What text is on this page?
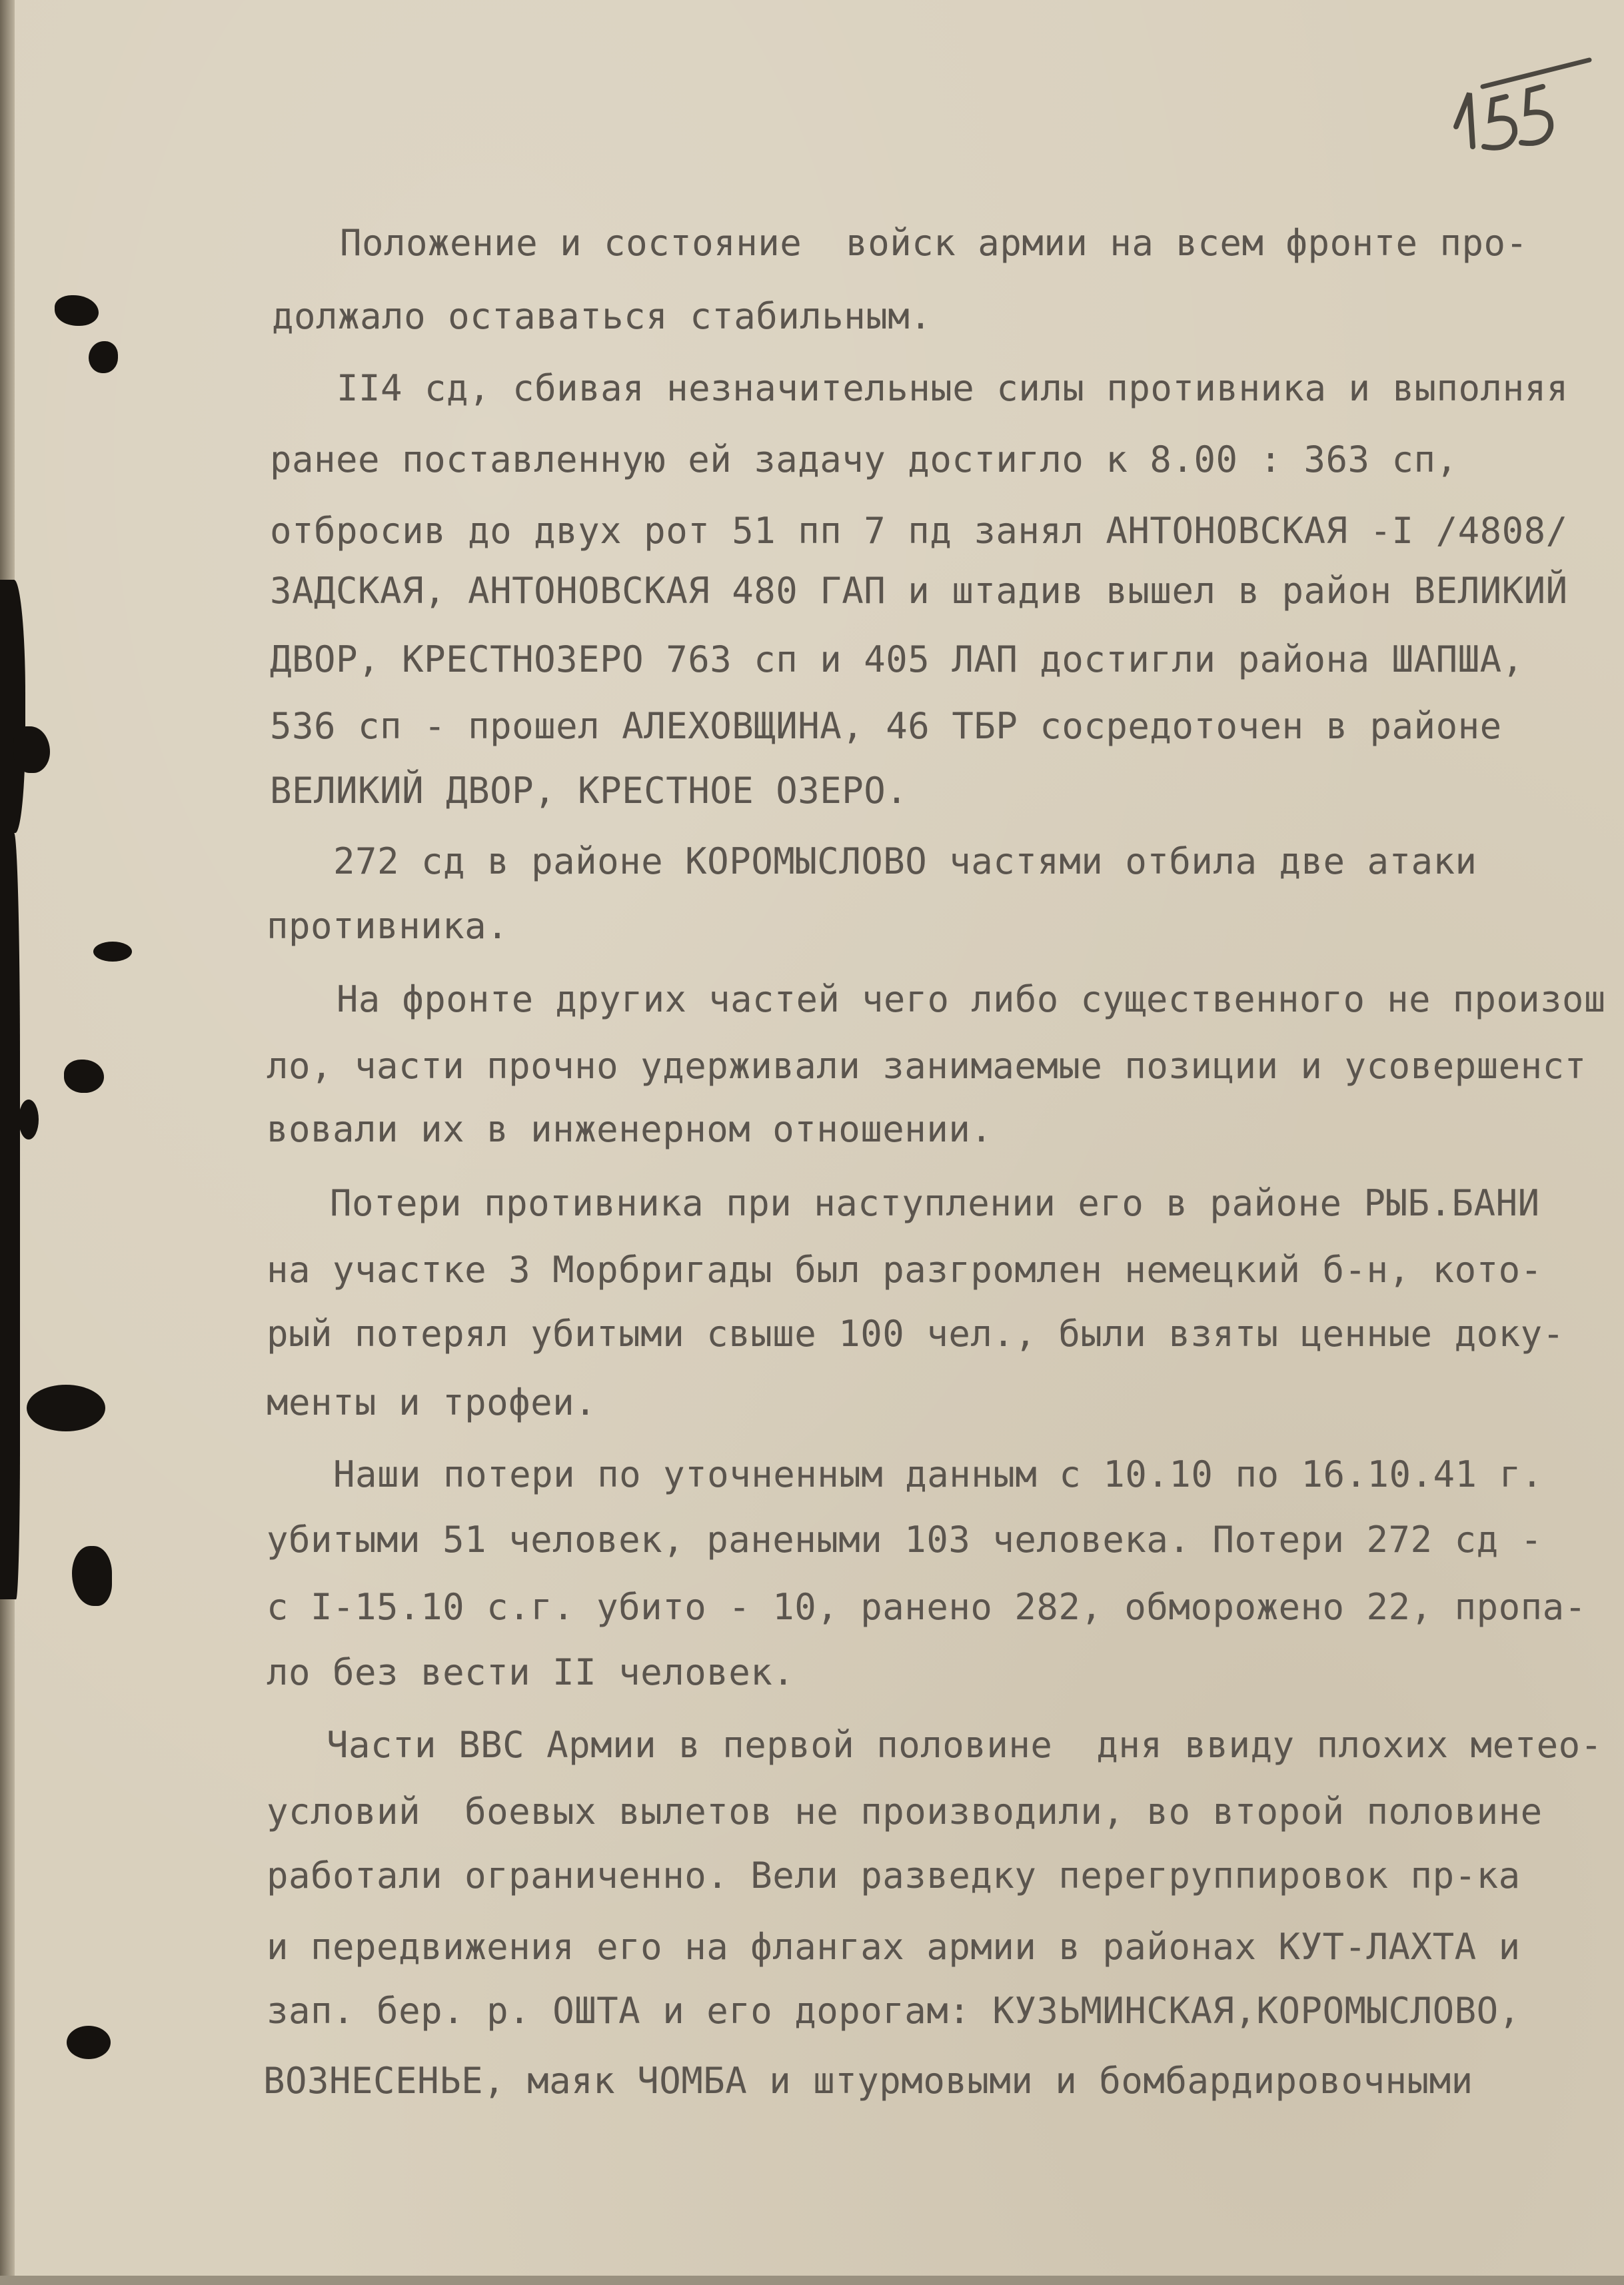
Положение и состояние  войск армии на всем фронте про-
должало оставаться стабильным.
II4 сд, сбивая незначительные силы противника и выполняя
ранее поставленную ей задачу достигло к 8.00 : 363 сп,
отбросив до двух рот 51 пп 7 пд занял АНТОНОВСКАЯ -I /4808/
ЗАДСКАЯ, АНТОНОВСКАЯ 480 ГАП и штадив вышел в район ВЕЛИКИЙ
ДВОР, КРЕСТНОЗЕРО 763 сп и 405 ЛАП достигли района ШАПША,
536 сп - прошел АЛЕХОВЩИНА, 46 ТБР сосредоточен в районе
ВЕЛИКИЙ ДВОР, КРЕСТНОЕ ОЗЕРО.
272 сд в районе КОРОМЫСЛОВО частями отбила две атаки
противника.
На фронте других частей чего либо существенного не произош
ло, части прочно удерживали занимаемые позиции и усовершенст
вовали их в инженерном отношении.
Потери противника при наступлении его в районе РЫБ.БАНИ
на участке 3 Морбригады был разгромлен немецкий б-н, кото-
рый потерял убитыми свыше 100 чел., были взяты ценные доку-
менты и трофеи.
Наши потери по уточненным данным с 10.10 по 16.10.41 г.
убитыми 51 человек, ранеными 103 человека. Потери 272 сд -
с I-15.10 с.г. убито - 10, ранено 282, обморожено 22, пропа-
ло без вести II человек.
Части ВВС Армии в первой половине  дня ввиду плохих метео-
условий  боевых вылетов не производили, во второй половине
работали ограниченно. Вели разведку перегруппировок пр-ка
и передвижения его на флангах армии в районах КУТ-ЛАХТА и
зап. бер. р. ОШТА и его дорогам: КУЗЬМИНСКАЯ,КОРОМЫСЛОВО,
ВОЗНЕСЕНЬЕ, маяк ЧОМБА и штурмовыми и бомбардировочными
